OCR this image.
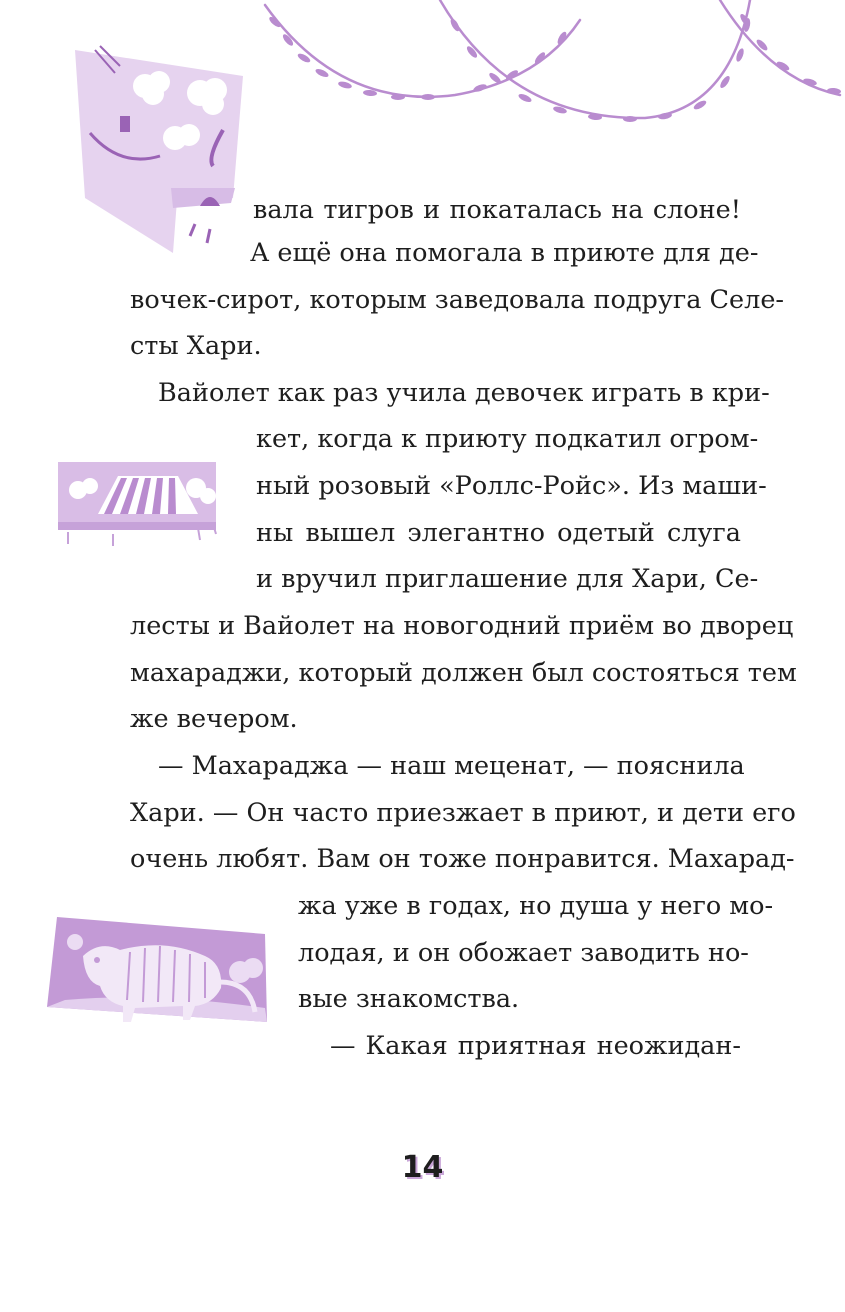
вала тигров и покаталась на слоне!

А ещё она помогала в приюте для де-

вочек-сирот, которым заведовала подруга Селе-

сты Хари.

Вайолет как раз учила девочек играть в кри-

кет, когда к приюту подкатил огром-

ный розовый «Роллс-Ройс». Из маши-

ны вышел элегантно одетый слуга

и вручил приглашение для Хари, Се-

лесты и Вайолет на новогодний приём во дворец

махараджи, который должен был состояться тем

же вечером.

— Махараджа — наш меценат, — пояснила

Хари. — Он часто приезжает в приют, и дети его

очень любят. Вам он тоже понравится. Махарад-

жа уже в годах, но душа у него мо-

лодая, и он обожает заводить но-

вые знакомства.

— Какая приятная неожидан-

14
